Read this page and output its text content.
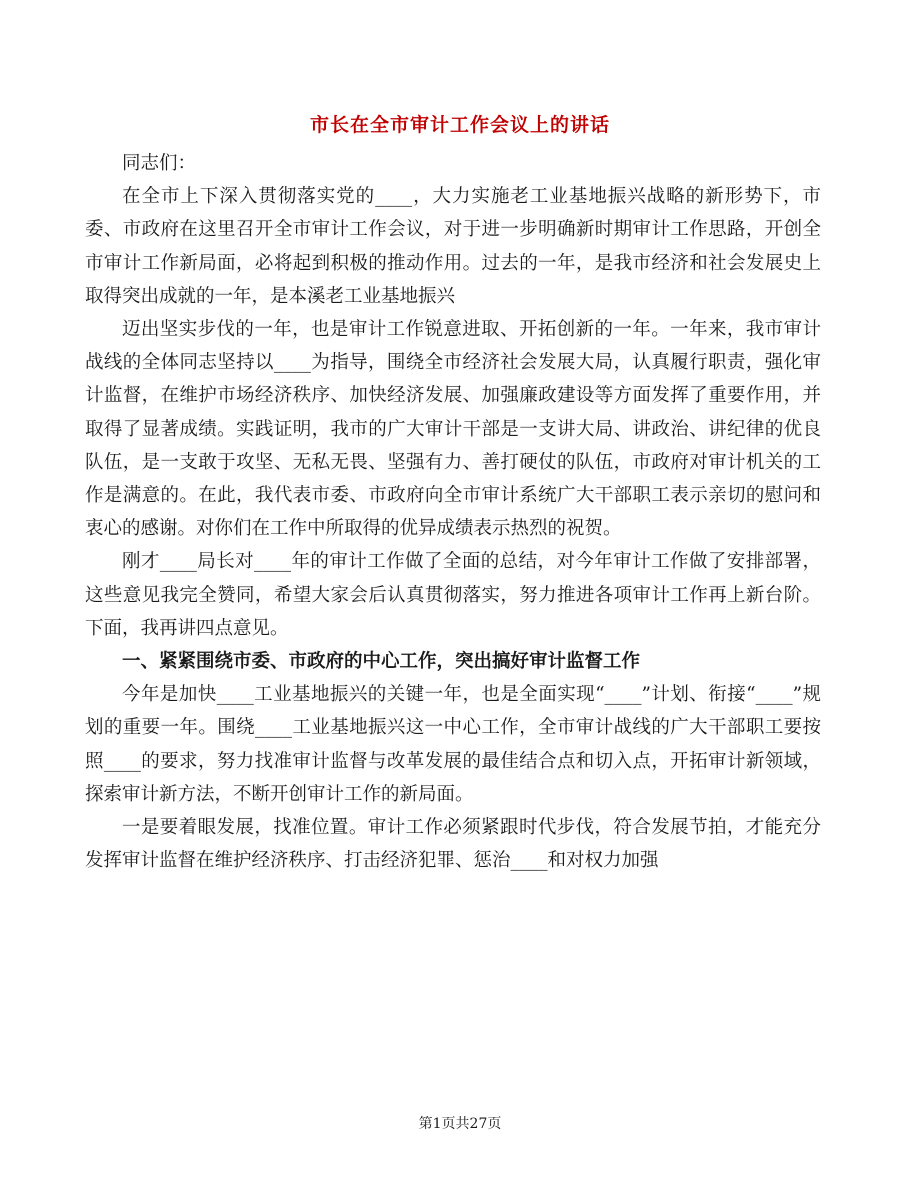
市长在全市审计工作会议上的讲话

同志们：

在全市上下深入贯彻落实党的____，大力实施老工业基地振兴战略的新形势下，市委、市政府在这里召开全市审计工作会议，对于进一步明确新时期审计工作思路，开创全市审计工作新局面，必将起到积极的推动作用。过去的一年，是我市经济和社会发展史上取得突出成就的一年，是本溪老工业基地振兴

迈出坚实步伐的一年，也是审计工作锐意进取、开拓创新的一年。一年来，我市审计战线的全体同志坚持以____为指导，围绕全市经济社会发展大局，认真履行职责，强化审计监督，在维护市场经济秩序、加快经济发展、加强廉政建设等方面发挥了重要作用，并取得了显著成绩。实践证明，我市的广大审计干部是一支讲大局、讲政治、讲纪律的优良队伍，是一支敢于攻坚、无私无畏、坚强有力、善打硬仗的队伍，市政府对审计机关的工作是满意的。在此，我代表市委、市政府向全市审计系统广大干部职工表示亲切的慰问和衷心的感谢。对你们在工作中所取得的优异成绩表示热烈的祝贺。

刚才____局长对____年的审计工作做了全面的总结，对今年审计工作做了安排部署，这些意见我完全赞同，希望大家会后认真贯彻落实，努力推进各项审计工作再上新台阶。下面，我再讲四点意见。

一、紧紧围绕市委、市政府的中心工作，突出搞好审计监督工作

今年是加快____工业基地振兴的关键一年，也是全面实现“____”计划、衔接“____”规划的重要一年。围绕____工业基地振兴这一中心工作，全市审计战线的广大干部职工要按照____的要求，努力找准审计监督与改革发展的最佳结合点和切入点，开拓审计新领域，探索审计新方法，不断开创审计工作的新局面。

一是要着眼发展，找准位置。审计工作必须紧跟时代步伐，符合发展节拍，才能充分发挥审计监督在维护经济秩序、打击经济犯罪、惩治____和对权力加强

第1页共27页
